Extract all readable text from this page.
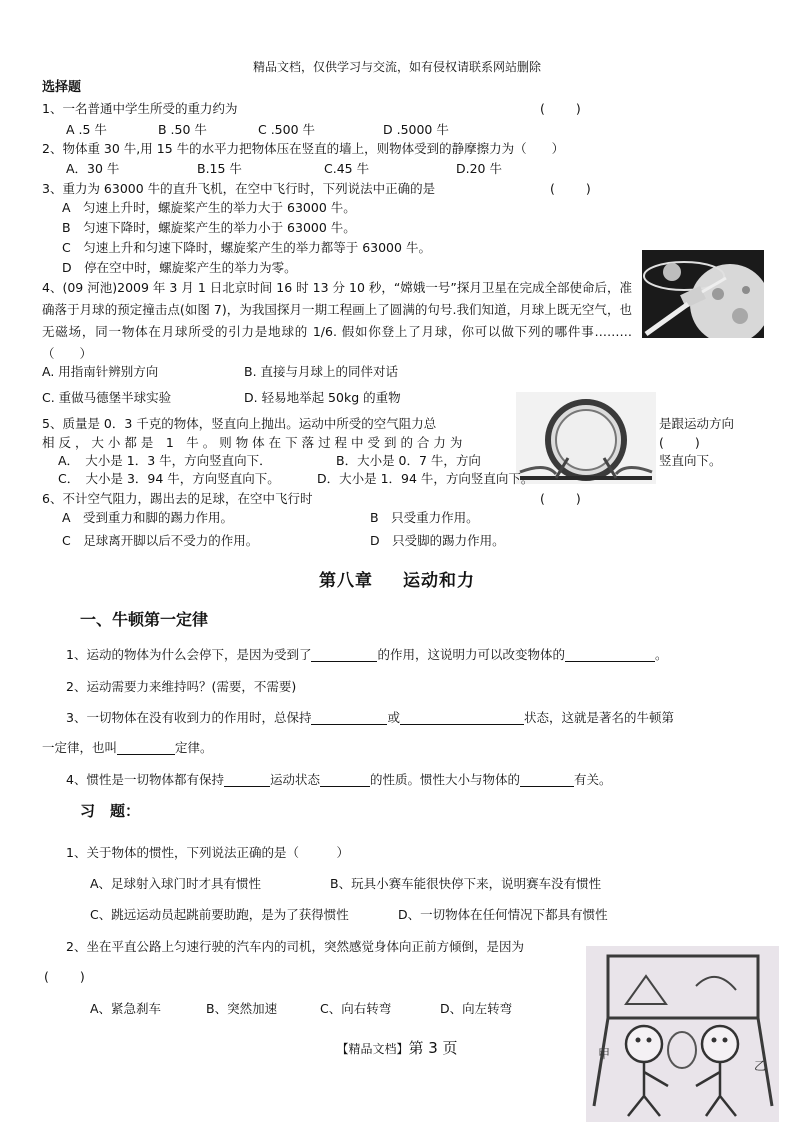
精品文档，仅供学习与交流，如有侵权请联系网站删除
选择题
1、一名普通中学生所受的重力约为	(　　)
A .5 牛	B .50 牛	C .500 牛	D .5000 牛
2、物体重 30 牛,用 15 牛的水平力把物体压在竖直的墙上，则物体受到的静摩擦力为（　　）
A．30 牛	B.15 牛	C.45 牛	D.20 牛
3、重力为 63000 牛的直升飞机，在空中飞行时，下列说法中正确的是	(　　)
A　匀速上升时，螺旋桨产生的举力大于 63000 牛。
B　匀速下降时，螺旋桨产生的举力小于 63000 牛。
C　匀速上升和匀速下降时，螺旋桨产生的举力都等于 63000 牛。
D　停在空中时，螺旋桨产生的举力为零。
4、(09 河池)2009 年 3 月 1 日北京时间 16 时 13 分 10 秒，“嫦娥一号”探月卫星在完成全部使命后，准确落于月球的预定撞击点(如图 7)，为我国探月一期工程画上了圆满的句号.我们知道，月球上既无空气，也无磁场，同一物体在月球所受的引力是地球的 1/6. 假如你登上了月球，你可以做下列的哪件事………（　　）
A. 用指南针辨别方向	B. 直接与月球上的同伴对话
C. 重做马德堡半球实验	D. 轻易地举起 50kg 的重物
5、质量是 0．3 千克的物体，竖直向上抛出。运动中所受的空气阻力总	是跟运动方向
相 反 ， 大 小 都 是　1　牛 。 则 物 体 在 下 落 过 程 中 受 到 的 合 力 为	(　　)
A．　大小是 1．3 牛，方向竖直向下．	B．大小是 0．7 牛，方向	竖直向下。
C．　大小是 3．94 牛，方向竖直向下。	D．大小是 1．94 牛，方向竖直向下。
6、不计空气阻力，踢出去的足球，在空中飞行时	(　　)
A　受到重力和脚的踢力作用。	B　只受重力作用。
C　足球离开脚以后不受力的作用。	D　只受脚的踢力作用。
第八章 运动和力
一、牛顿第一定律
1、运动的物体为什么会停下，是因为受到了	的作用，这说明力可以改变物体的	。
2、运动需要力来维持吗？(需要，不需要)
3、一切物体在没有收到力的作用时，总保持	或	状态，这就是著名的牛顿第
一定律，也叫	定律。
4、惯性是一切物体都有保持	运动状态	的性质。惯性大小与物体的	有关。
习　题：
1、关于物体的惯性，下列说法正确的是（　　　）
A、足球射入球门时才具有惯性	B、玩具小赛车能很快停下来，说明赛车没有惯性
C、跳远运动员起跳前要助跑，是为了获得惯性	D、一切物体在任何情况下都具有惯性
2、坐在平直公路上匀速行驶的汽车内的司机，突然感觉身体向正前方倾倒，是因为
(　　)
A、紧急刹车	B、突然加速	C、向右转弯	D、向左转弯
甲
乙
【精品文档】第 3 页
